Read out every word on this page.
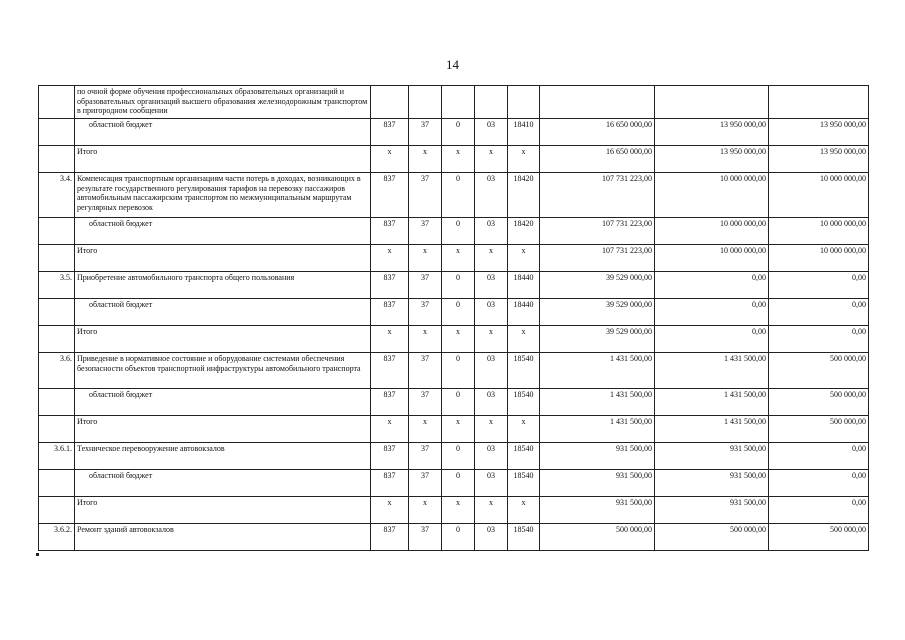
14
	по очной форме обучения профессиональных образовательных организаций и образовательных организаций высшего образования железнодорожным транспортом в пригородном сообщении								
	областной бюджет	837	37	0	03	18410	16 650 000,00	13 950 000,00	13 950 000,00
	Итого	х	х	х	х	х	16 650 000,00	13 950 000,00	13 950 000,00
3.4.	Компенсация транспортным организациям части потерь в доходах, возникающих в результате государственного регулирования тарифов на перевозку пассажиров автомобильным пассажирским транспортом по межмуниципальным маршрутам регулярных перевозок	837	37	0	03	18420	107 731 223,00	10 000 000,00	10 000 000,00
	областной бюджет	837	37	0	03	18420	107 731 223,00	10 000 000,00	10 000 000,00
	Итого	х	х	х	х	х	107 731 223,00	10 000 000,00	10 000 000,00
3.5.	Приобретение автомобильного транспорта общего пользования	837	37	0	03	18440	39 529 000,00	0,00	0,00
	областной бюджет	837	37	0	03	18440	39 529 000,00	0,00	0,00
	Итого	х	х	х	х	х	39 529 000,00	0,00	0,00
3.6.	Приведение в нормативное состояние и оборудование системами обеспечения безопасности объектов транспортной инфраструктуры автомобильного транспорта	837	37	0	03	18540	1 431 500,00	1 431 500,00	500 000,00
	областной бюджет	837	37	0	03	18540	1 431 500,00	1 431 500,00	500 000,00
	Итого	х	х	х	х	х	1 431 500,00	1 431 500,00	500 000,00
3.6.1.	Техническое перевооружение автовокзалов	837	37	0	03	18540	931 500,00	931 500,00	0,00
	областной бюджет	837	37	0	03	18540	931 500,00	931 500,00	0,00
	Итого	х	х	х	х	х	931 500,00	931 500,00	0,00
3.6.2.	Ремонт зданий автовокзалов	837	37	0	03	18540	500 000,00	500 000,00	500 000,00
